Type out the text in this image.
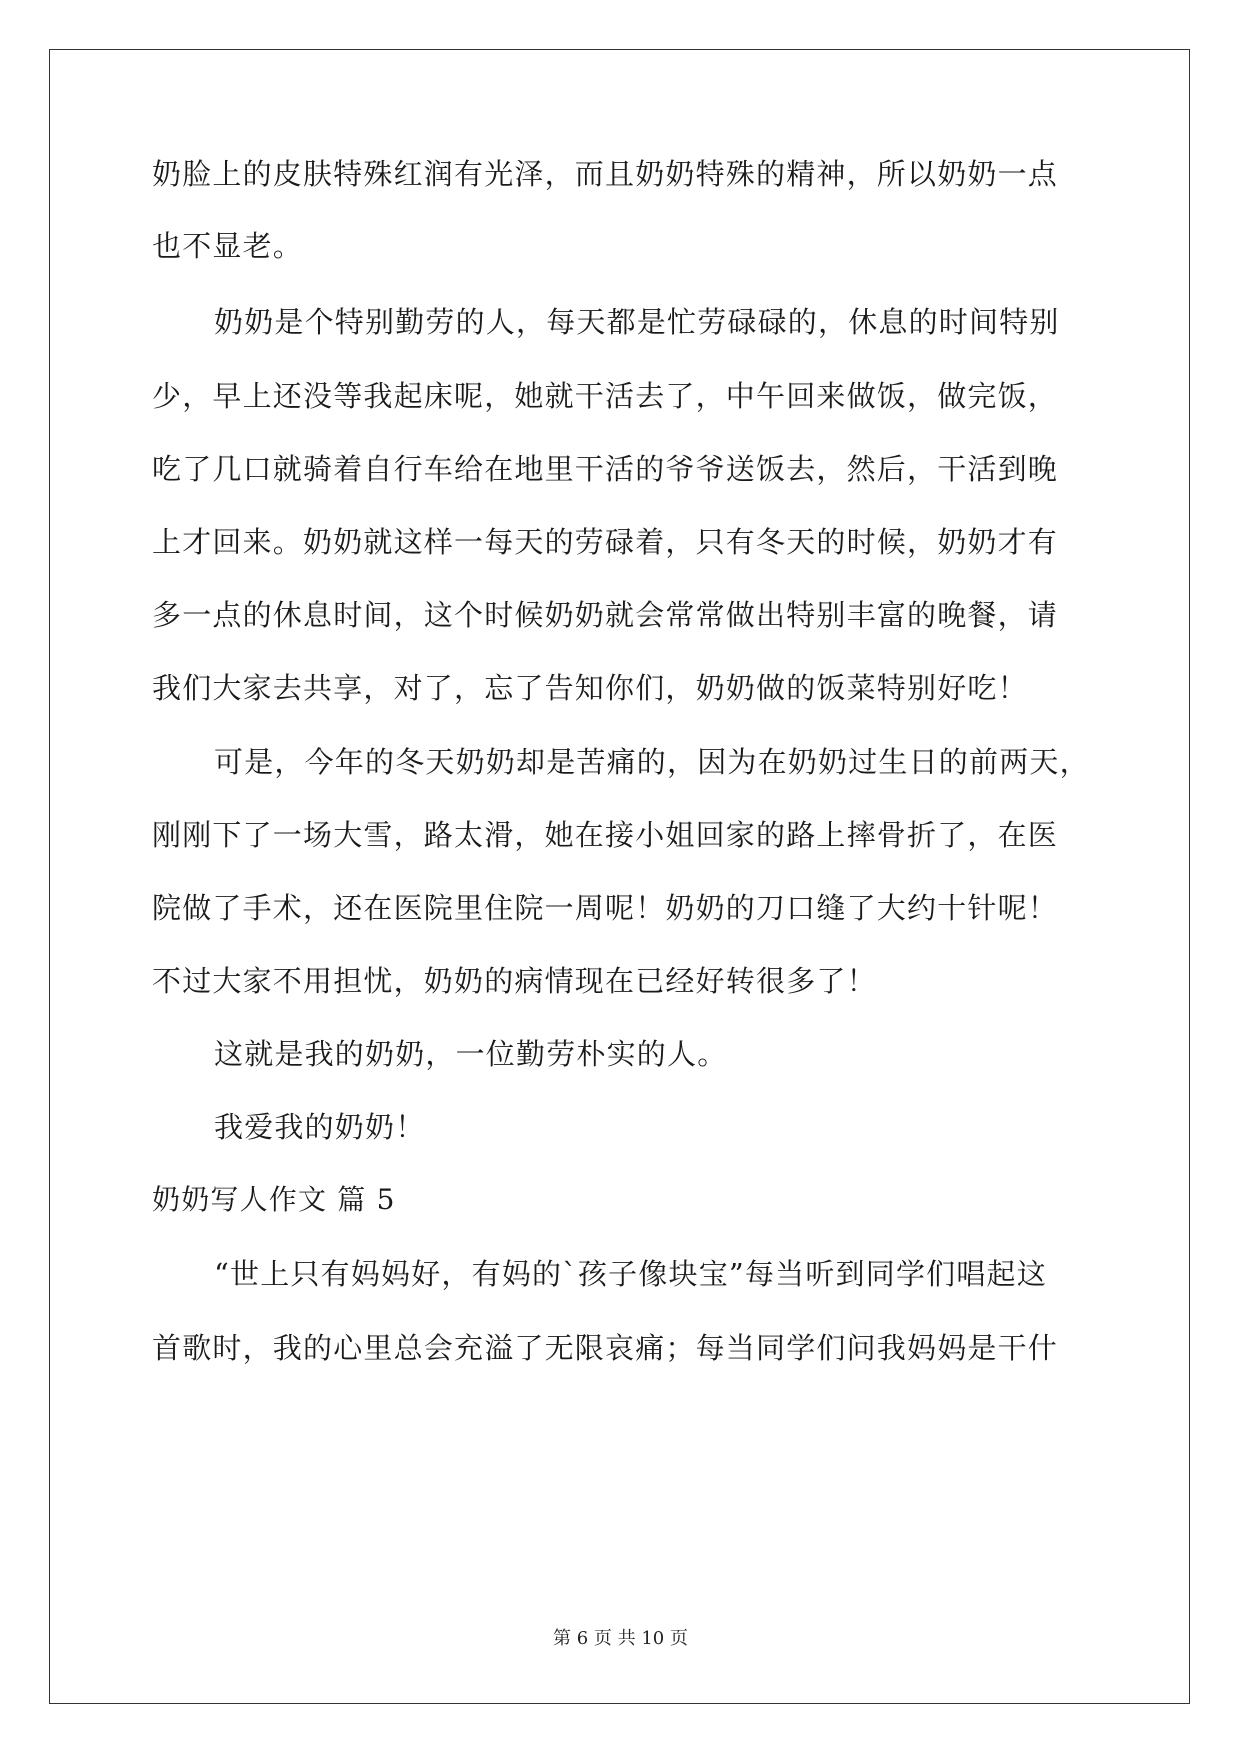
奶脸上的皮肤特殊红润有光泽，而且奶奶特殊的精神，所以奶奶一点
也不显老。
奶奶是个特别勤劳的人，每天都是忙劳碌碌的，休息的时间特别
少，早上还没等我起床呢，她就干活去了，中午回来做饭，做完饭，
吃了几口就骑着自行车给在地里干活的爷爷送饭去，然后，干活到晚
上才回来。奶奶就这样一每天的劳碌着，只有冬天的时候，奶奶才有
多一点的休息时间，这个时候奶奶就会常常做出特别丰富的晚餐，请
我们大家去共享，对了，忘了告知你们，奶奶做的饭菜特别好吃！
可是，今年的冬天奶奶却是苦痛的，因为在奶奶过生日的前两天，
刚刚下了一场大雪，路太滑，她在接小姐回家的路上摔骨折了，在医
院做了手术，还在医院里住院一周呢！奶奶的刀口缝了大约十针呢！
不过大家不用担忧，奶奶的病情现在已经好转很多了！
这就是我的奶奶，一位勤劳朴实的人。
我爱我的奶奶！
奶奶写人作文 篇 5
“世上只有妈妈好，有妈的`孩子像块宝”每当听到同学们唱起这
首歌时，我的心里总会充溢了无限哀痛；每当同学们问我妈妈是干什
第 6 页 共 10 页
